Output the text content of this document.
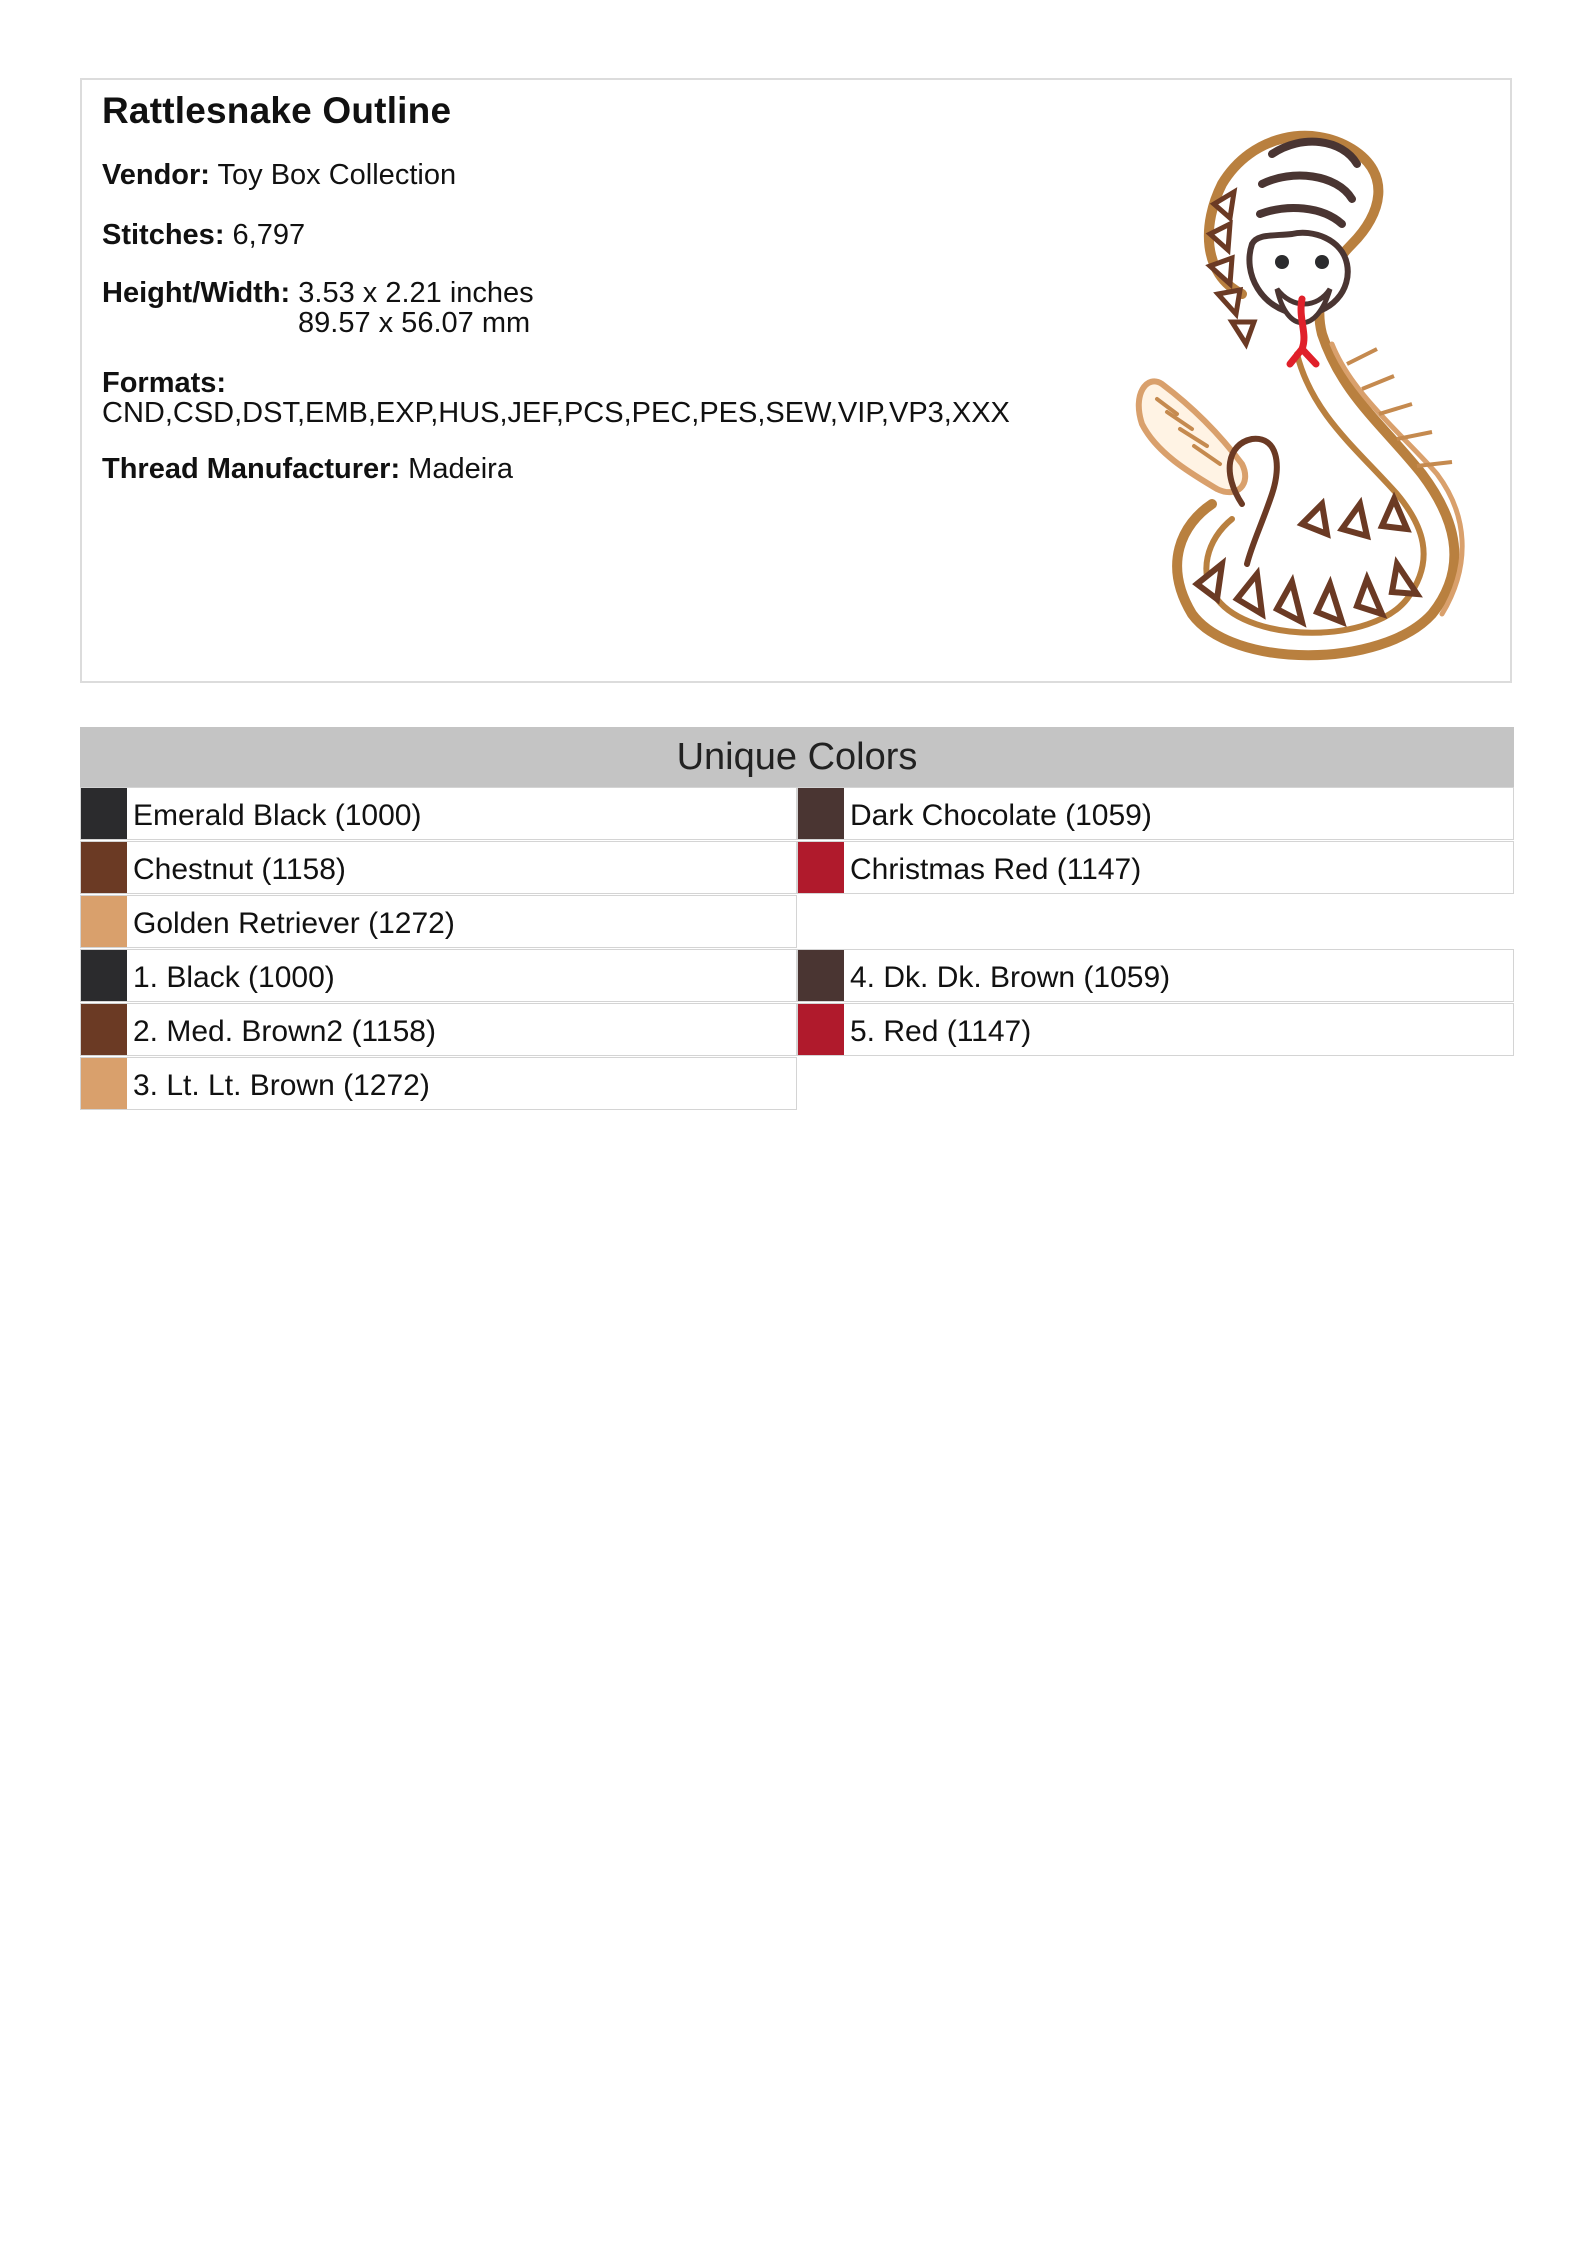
Rattlesnake Outline
Vendor: Toy Box Collection
Stitches: 6,797
Height/Width: 3.53 x 2.21 inches
89.57 x 56.07 mm
Formats:
CND,CSD,DST,EMB,EXP,HUS,JEF,PCS,PEC,PES,SEW,VIP,VP3,XXX
Thread Manufacturer: Madeira
Unique Colors
Emerald Black (1000)	Dark Chocolate (1059)
Chestnut (1158)	Christmas Red (1147)
Golden Retriever (1272)
1. Black (1000)	4. Dk. Dk. Brown (1059)
2. Med. Brown2 (1158)	5. Red (1147)
3. Lt. Lt. Brown (1272)
